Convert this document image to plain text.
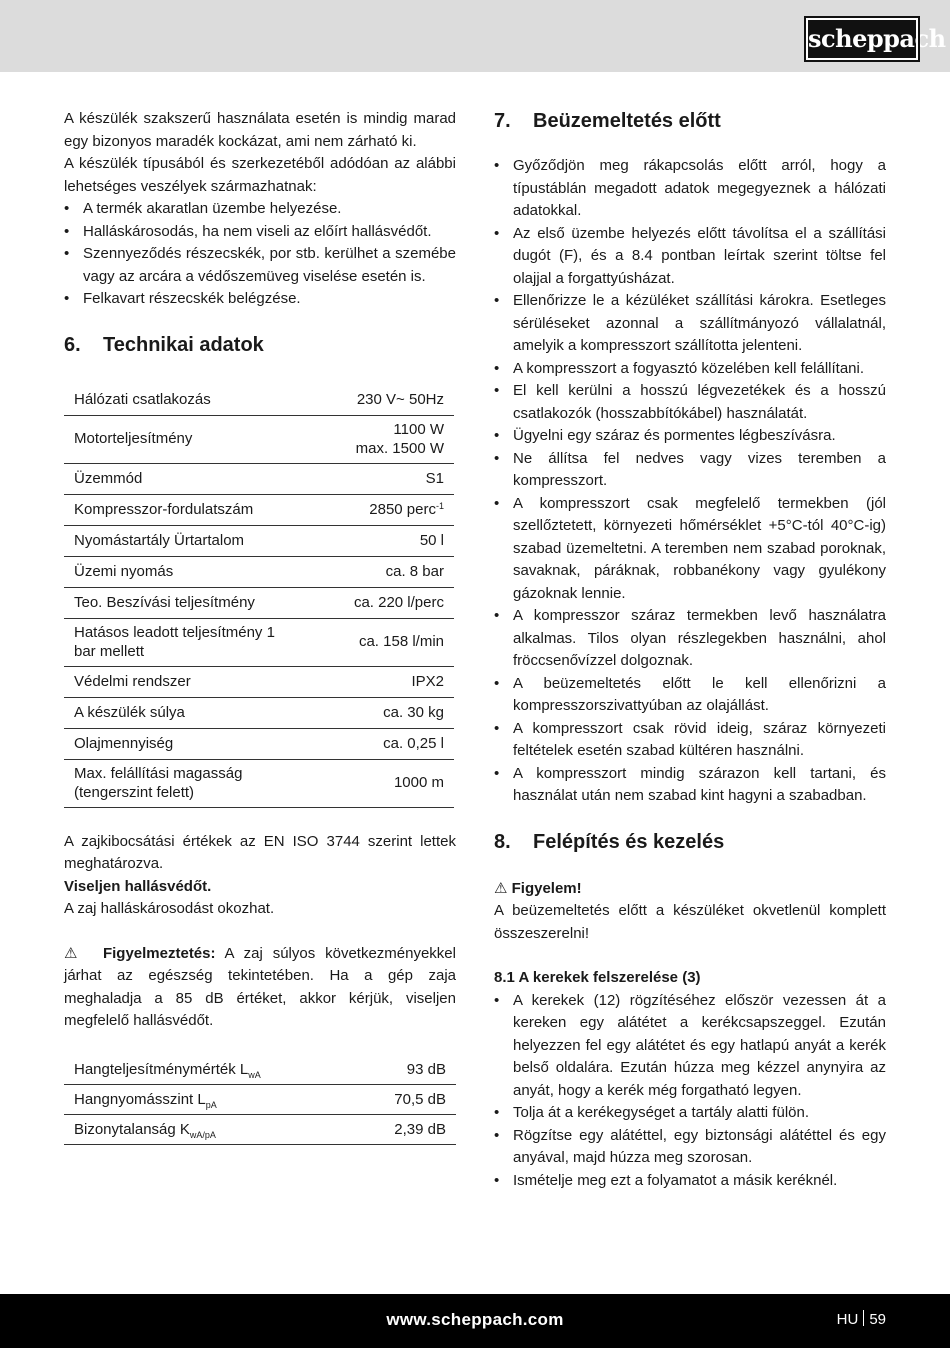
scheppach

A készülék szakszerű használata esetén is mindig marad egy bizonyos maradék kockázat, ami nem zárható ki.

A készülék típusából és szerkezetéből adódóan az alábbi lehetséges veszélyek származhatnak:

• A termék akaratlan üzembe helyezése.
• Halláskárosodás, ha nem viseli az előírt hallásvédőt.
• Szennyeződés részecskék, por stb. kerülhet a szemébe vagy az arcára a védőszemüveg viselése esetén is.
• Felkavart részecskék belégzése.
6.	Technikai adatok
Hálózati csatlakozás	230 V~ 50Hz
Motorteljesítmény	1100 W
max. 1500 W
Üzemmód	S1
Kompresszor-fordulatszám	2850 perc$^{-1}$
Nyomástartály Ürtartalom	50 l
Üzemi nyomás	ca. 8 bar
Teo. Beszívási teljesítmény	ca. 220 l/perc
Hatásos leadott teljesítmény 1 bar mellett	ca. 158 l/min
Védelmi rendszer	IPX2
A készülék súlya	ca. 30 kg
Olajmennyiség	ca. 0,25 l
Max. felállítási magasság (tengerszint felett)	1000 m

A zajkibocsátási értékek az EN ISO 3744 szerint lettek meghatározva.

Viseljen hallásvédőt.

A zaj halláskárosodást okozhat.

⚠ Figyelmeztetés: A zaj súlyos következményekkel járhat az egészség tekintetében. Ha a gép zaja meghaladja a 85 dB értéket, akkor kérjük, viseljen megfelelő hallásvédőt.

Hangteljesítménymérték $L_{wA}$	93 dB
Hangnyomásszint $L_{pA}$	70,5 dB
Bizonytalanság $K_{wA/pA}$	2,39 dB
7.	Beüzemeltetés előtt
• Győződjön meg rákapcsolás előtt arról, hogy a típustáblán megadott adatok megegyeznek a hálózati adatokkal.
• Az első üzembe helyezés előtt távolítsa el a szállítási dugót (F), és a 8.4 pontban leírtak szerint töltse fel olajjal a forgattyúsházat.
• Ellenőrizze le a kézüléket szállítási károkra. Esetleges sérüléseket azonnal a szállítmányozó vállalatnál, amelyik a kompresszort szállította jelenteni.
• A kompresszort a fogyasztó közelében kell felállítani.
• El kell kerülni a hosszú légvezetékek és a hosszú csatlakozók (hosszabbítókábel) használatát.
• Ügyelni egy száraz és pormentes légbeszívásra.
• Ne állítsa fel nedves vagy vizes teremben a kompresszort.
• A kompresszort csak megfelelő termekben (jól szellőztetett, környezeti hőmérséklet +5°C-tól 40°C-ig) szabad üzemeltetni. A teremben nem szabad poroknak, savaknak, páráknak, robbanékony vagy gyulékony gázoknak lennie.
• A kompresszor száraz termekben levő használatra alkalmas. Tilos olyan részlegekben használni, ahol fröccsenővízzel dolgoznak.
• A beüzemeltetés előtt le kell ellenőrizni a kompresszorszivattyúban az olajállást.
• A kompresszort csak rövid ideig, száraz környezeti feltételek esetén szabad kültéren használni.
• A kompresszort mindig szárazon kell tartani, és használat után nem szabad kint hagyni a szabadban.
8.	Felépítés és kezelés

⚠ Figyelem!

A beüzemeltetés előtt a készüléket okvetlenül komplett összeszerelni!

8.1 A kerekek felszerelése (3)
• A kerekek (12) rögzítéséhez először vezessen át a kereken egy alátétet a kerékcsapszeggel. Ezután helyezzen fel egy alátétet és egy hatlapú anyát a kerék belső oldalára. Ezután húzza meg kézzel anynyira az anyát, hogy a kerék még forgatható legyen.
• Tolja át a kerékegységet a tartály alatti fülön.
• Rögzítse egy alátéttel, egy biztonsági alátéttel és egy anyával, majd húzza meg szorosan.
• Ismételje meg ezt a folyamatot a másik keréknél.
www.scheppach.com	HU 59
